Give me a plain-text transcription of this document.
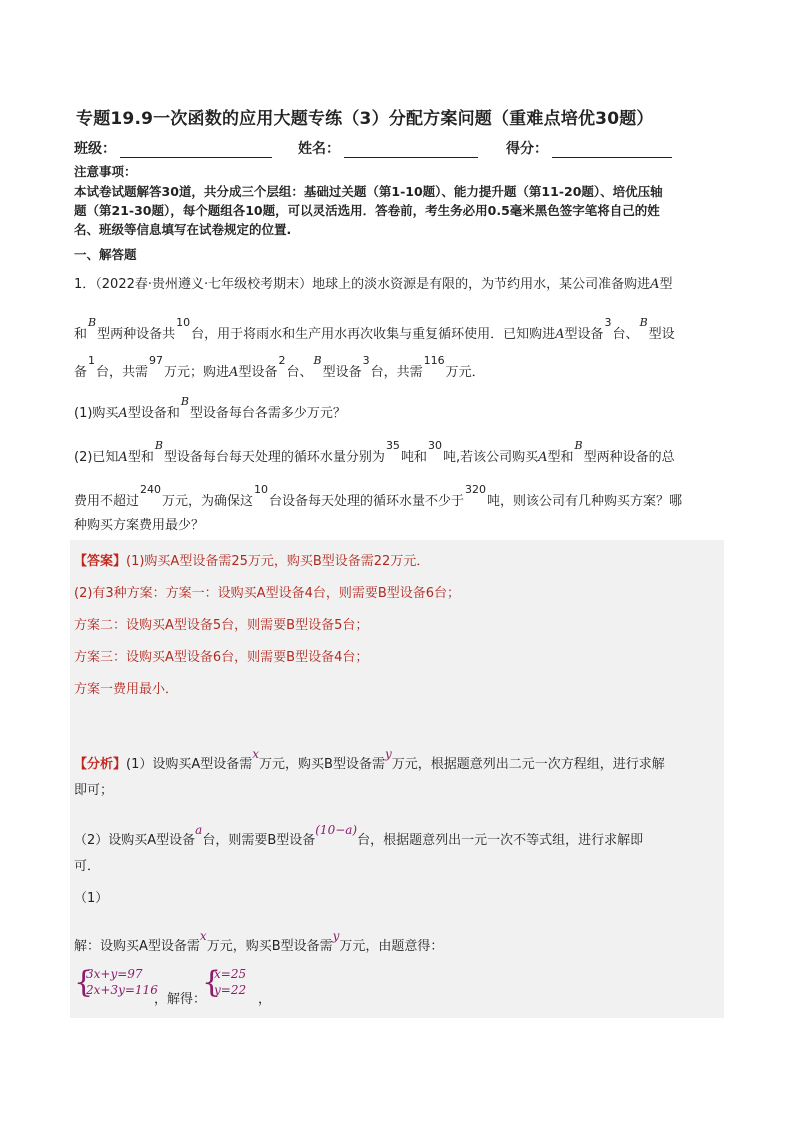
专题19.9一次函数的应用大题专练（3）分配方案问题（重难点培优30题）
班级：	姓名：	得分：
注意事项：
本试卷试题解答30道，共分成三个层组：基础过关题（第1-10题）、能力提升题（第11-20题）、培优压轴
题（第21-30题），每个题组各10题，可以灵活选用．答卷前，考生务必用0.5毫米黑色签字笔将自己的姓
名、班级等信息填写在试卷规定的位置.
一、解答题
1．（2022春·贵州遵义·七年级校考期末）地球上的淡水资源是有限的，为节约用水，某公司准备购进A型
和$^B$型两种设备共$^{10}$台，用于将雨水和生产用水再次收集与重复循环使用．已知购进A型设备$^3$台、$^B$型设
备$^1$台，共需$^{97}$万元；购进A型设备$^2$台、$^B$型设备$^3$台，共需$^{116}$万元．
(1)购买A型设备和$^B$型设备每台各需多少万元？
(2)已知A型和$^B$型设备每台每天处理的循环水量分别为$^{35}$吨和$^{30}$吨,若该公司购买A型和$^B$型两种设备的总
费用不超过$^{240}$万元，为确保这$^{10}$台设备每天处理的循环水量不少于$^{320}$吨，则该公司有几种购买方案？哪
种购买方案费用最少？
【答案】(1)购买A型设备需25万元，购买B型设备需22万元．
(2)有3种方案：方案一：设购买A型设备4台，则需要B型设备6台；
方案二：设购买A型设备5台，则需要B型设备5台；
方案三：设购买A型设备6台，则需要B型设备4台；
方案一费用最小．
【分析】(1）设购买A型设备需x万元，购买B型设备需y万元，根据题意列出二元一次方程组，进行求解
即可；
（2）设购买A型设备a台，则需要B型设备(10−a)台，根据题意列出一元一次不等式组，进行求解即
可．
（1）
解：设购买A型设备需x万元，购买B型设备需y万元，由题意得：
{
3x+y=97
2x+3y=116
，解得：
{
x=25
y=22
，
